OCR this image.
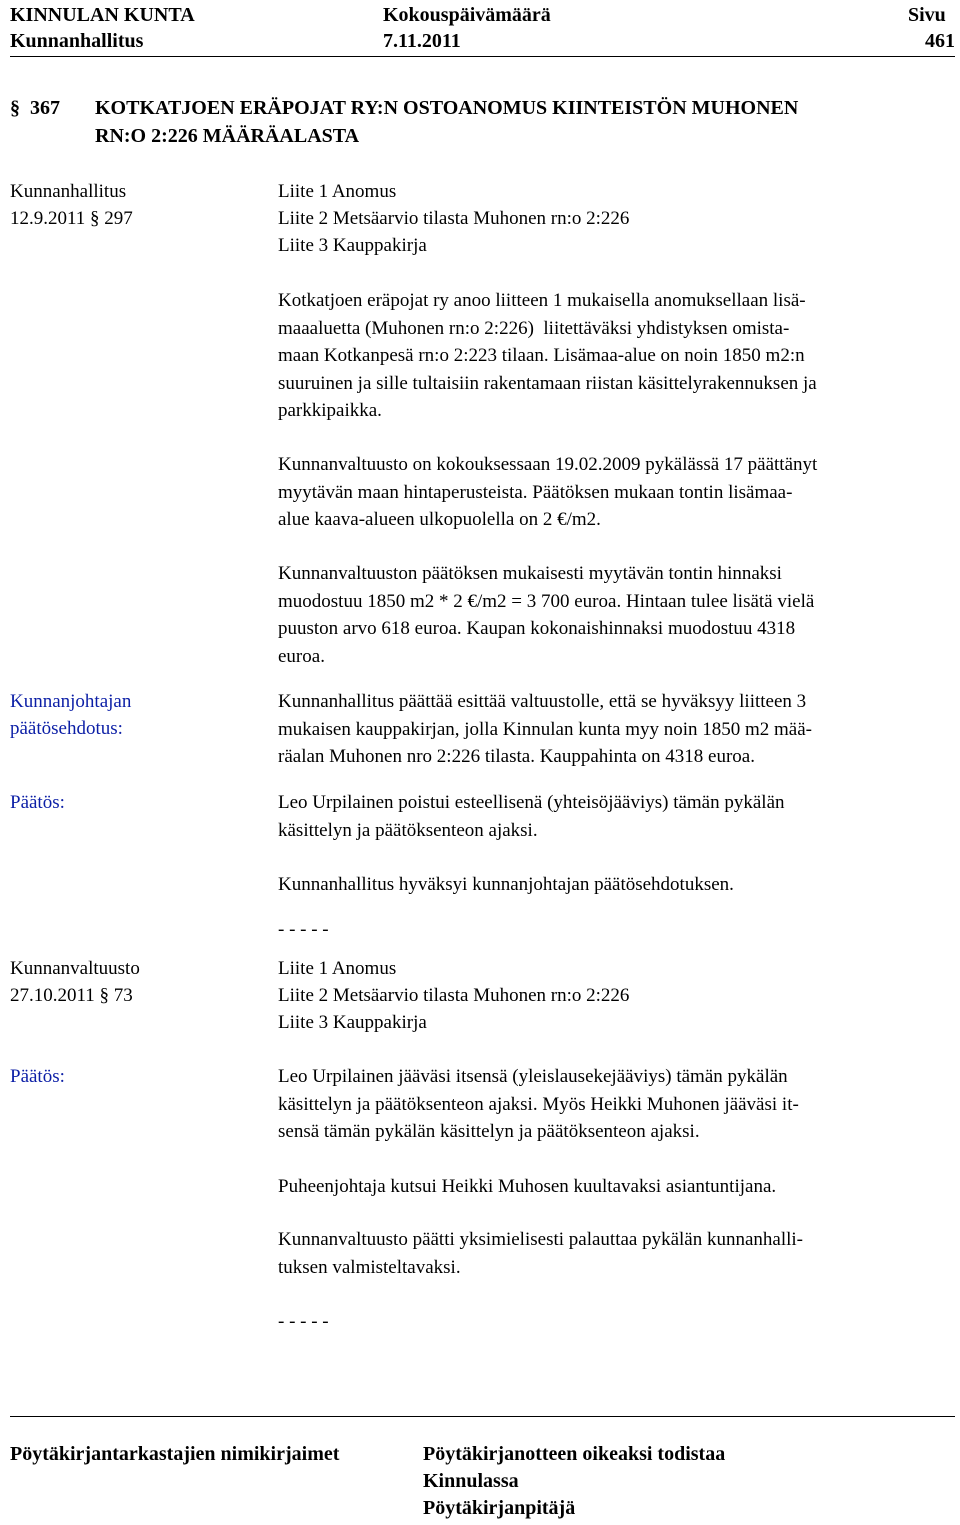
KINNULAN KUNTA
Kunnanhallitus
Kokouspäivämäärä
7.11.2011
Sivu
461
§ 367 KOTKATJOEN ERÄPOJAT RY:N OSTOANOMUS KIINTEISTÖN MUHONEN
RN:O 2:226 MÄÄRÄALASTA
Kunnanhallitus
12.9.2011 § 297
Liite 1 Anomus
Liite 2 Metsäarvio tilasta Muhonen rn:o 2:226
Liite 3 Kauppakirja
Kotkatjoen eräpojat ry anoo liitteen 1 mukaisella anomuksellaan lisä-
maaaluetta (Muhonen rn:o 2:226)  liitettäväksi yhdistyksen omista-
maan Kotkanpesä rn:o 2:223 tilaan. Lisämaa-alue on noin 1850 m2:n
suuruinen ja sille tultaisiin rakentamaan riistan käsittelyrakennuksen ja
parkkipaikka.
Kunnanvaltuusto on kokouksessaan 19.02.2009 pykälässä 17 päättänyt
myytävän maan hintaperusteista. Päätöksen mukaan tontin lisämaa-
alue kaava-alueen ulkopuolella on 2 €/m2.
Kunnanvaltuuston päätöksen mukaisesti myytävän tontin hinnaksi
muodostuu 1850 m2 * 2 €/m2 = 3 700 euroa. Hintaan tulee lisätä vielä
puuston arvo 618 euroa. Kaupan kokonaishinnaksi muodostuu 4318
euroa.
Kunnanjohtajan
päätösehdotus:
Kunnanhallitus päättää esittää valtuustolle, että se hyväksyy liitteen 3
mukaisen kauppakirjan, jolla Kinnulan kunta myy noin 1850 m2 mää-
räalan Muhonen nro 2:226 tilasta. Kauppahinta on 4318 euroa.
Päätös:	Leo Urpilainen poistui esteellisenä (yhteisöjääviys) tämän pykälän
käsittelyn ja päätöksenteon ajaksi.
Kunnanhallitus hyväksyi kunnanjohtajan päätösehdotuksen.
- - - - -
Kunnanvaltuusto
27.10.2011 § 73
Liite 1 Anomus
Liite 2 Metsäarvio tilasta Muhonen rn:o 2:226
Liite 3 Kauppakirja
Päätös:	Leo Urpilainen jääväsi itsensä (yleislausekejääviys) tämän pykälän
käsittelyn ja päätöksenteon ajaksi. Myös Heikki Muhonen jääväsi it-
sensä tämän pykälän käsittelyn ja päätöksenteon ajaksi.
Puheenjohtaja kutsui Heikki Muhosen kuultavaksi asiantuntijana.
Kunnanvaltuusto päätti yksimielisesti palauttaa pykälän kunnanhalli-
tuksen valmisteltavaksi.
- - - - -
Pöytäkirjantarkastajien nimikirjaimet	Pöytäkirjanotteen oikeaksi todistaa
Kinnulassa
Pöytäkirjanpitäjä
